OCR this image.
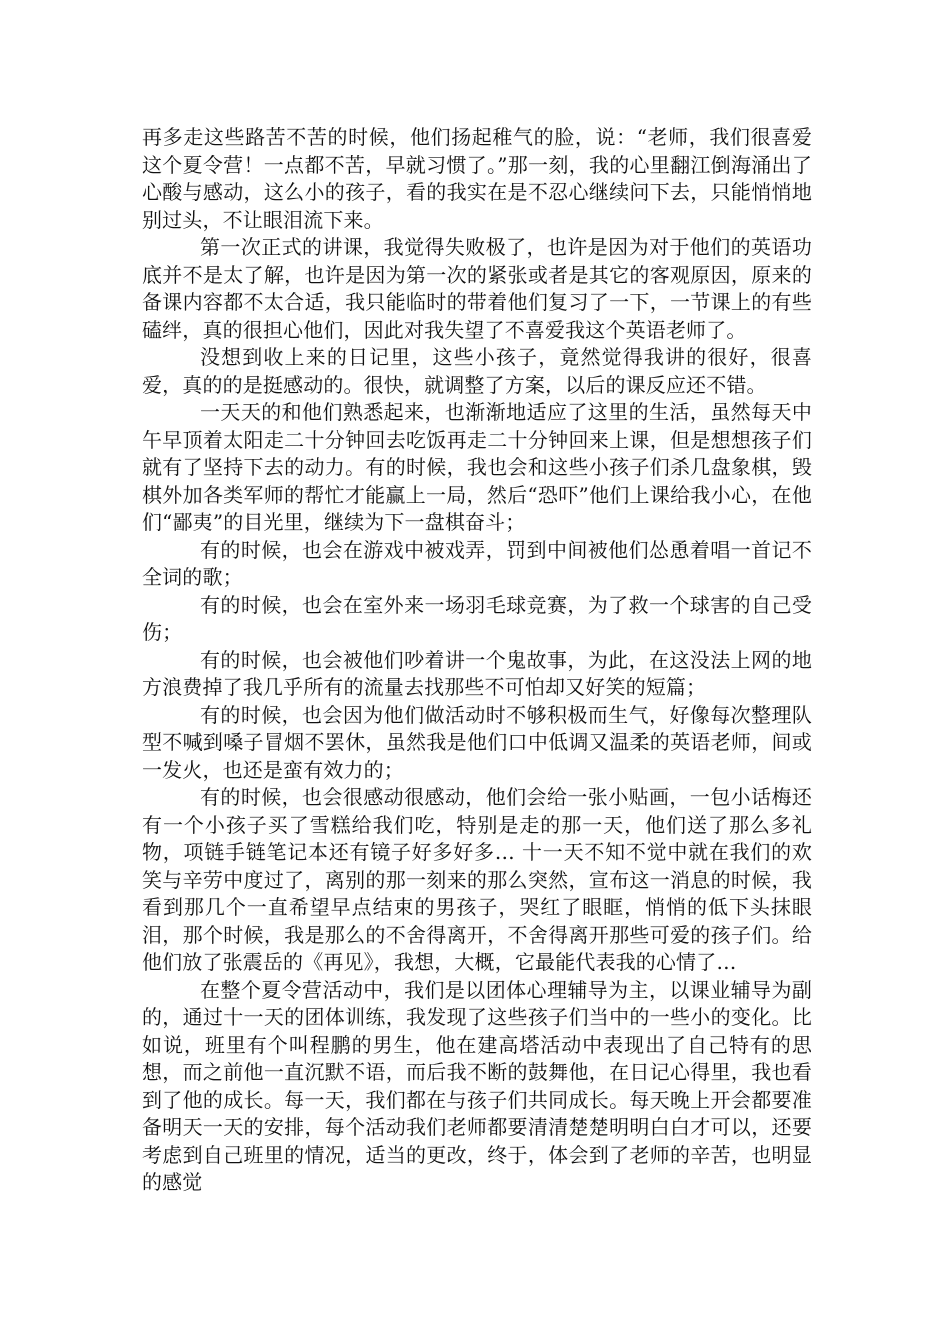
再多走这些路苦不苦的时候，他们扬起稚气的脸，说：“老师，我们很喜爱这个夏令营！一点都不苦，早就习惯了。”那一刻，我的心里翻江倒海涌出了心酸与感动，这么小的孩子，看的我实在是不忍心继续问下去，只能悄悄地别过头，不让眼泪流下来。

第一次正式的讲课，我觉得失败极了，也许是因为对于他们的英语功底并不是太了解，也许是因为第一次的紧张或者是其它的客观原因，原来的备课内容都不太合适，我只能临时的带着他们复习了一下，一节课上的有些磕绊，真的很担心他们，因此对我失望了不喜爱我这个英语老师了。

没想到收上来的日记里，这些小孩子，竟然觉得我讲的很好，很喜爱，真的的是挺感动的。很快，就调整了方案，以后的课反应还不错。

一天天的和他们熟悉起来，也渐渐地适应了这里的生活，虽然每天中午早顶着太阳走二十分钟回去吃饭再走二十分钟回来上课，但是想想孩子们就有了坚持下去的动力。有的时候，我也会和这些小孩子们杀几盘象棋，毁棋外加各类军师的帮忙才能赢上一局，然后“恐吓”他们上课给我小心，在他们“鄙夷”的目光里，继续为下一盘棋奋斗；

有的时候，也会在游戏中被戏弄，罚到中间被他们怂恿着唱一首记不全词的歌；

有的时候，也会在室外来一场羽毛球竞赛，为了救一个球害的自己受伤；

有的时候，也会被他们吵着讲一个鬼故事，为此，在这没法上网的地方浪费掉了我几乎所有的流量去找那些不可怕却又好笑的短篇；

有的时候，也会因为他们做活动时不够积极而生气，好像每次整理队型不喊到嗓子冒烟不罢休，虽然我是他们口中低调又温柔的英语老师，间或一发火，也还是蛮有效力的；

有的时候，也会很感动很感动，他们会给一张小贴画，一包小话梅还有一个小孩子买了雪糕给我们吃，特别是走的那一天，他们送了那么多礼物，项链手链笔记本还有镜子好多好多… 十一天不知不觉中就在我们的欢笑与辛劳中度过了，离别的那一刻来的那么突然，宣布这一消息的时候，我看到那几个一直希望早点结束的男孩子，哭红了眼眶，悄悄的低下头抹眼泪，那个时候，我是那么的不舍得离开，不舍得离开那些可爱的孩子们。给他们放了张震岳的《再见》，我想，大概，它最能代表我的心情了…

在整个夏令营活动中，我们是以团体心理辅导为主，以课业辅导为副的，通过十一天的团体训练，我发现了这些孩子们当中的一些小的变化。比如说，班里有个叫程鹏的男生，他在建高塔活动中表现出了自己特有的思想，而之前他一直沉默不语，而后我不断的鼓舞他，在日记心得里，我也看到了他的成长。每一天，我们都在与孩子们共同成长。每天晚上开会都要准备明天一天的安排，每个活动我们老师都要清清楚楚明明白白才可以，还要考虑到自己班里的情况，适当的更改，终于，体会到了老师的辛苦，也明显的感觉
